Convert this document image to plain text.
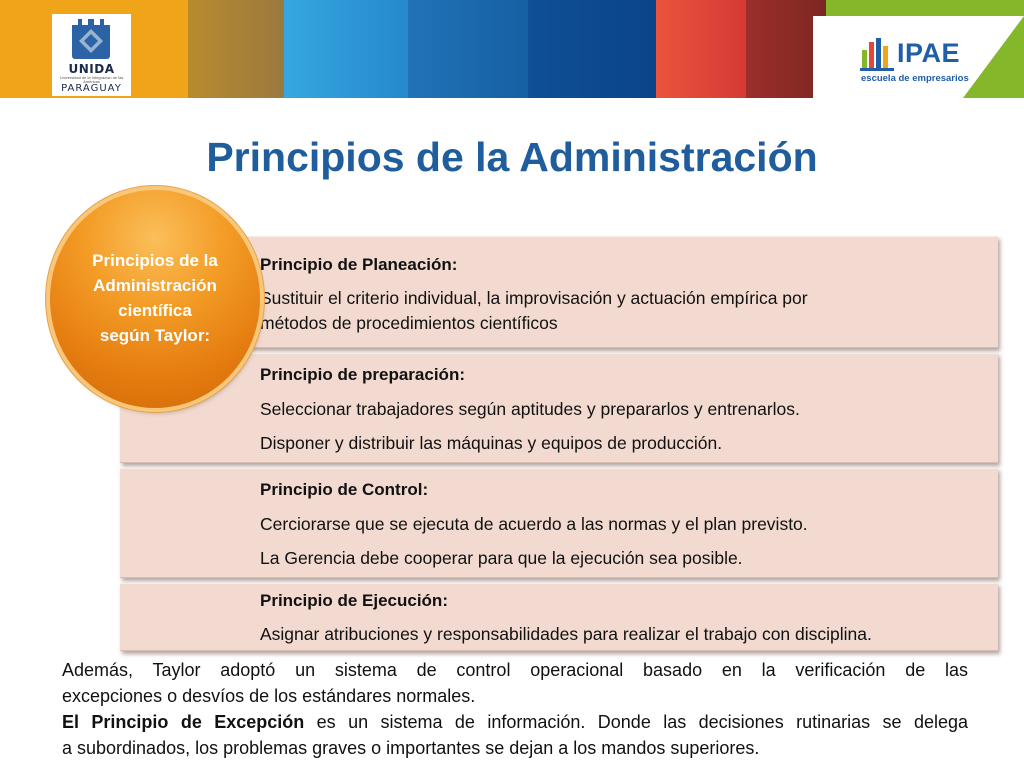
UNIDA
Universidad de la Integración de las Américas
PARAGUAY
IPAE
escuela de empresarios
Principios de la Administración
Principio de Planeación:
Sustituir el criterio individual, la improvisación y actuación empírica por
métodos de procedimientos científicos
Principio de preparación:
Seleccionar trabajadores según aptitudes y prepararlos y entrenarlos.
Disponer y distribuir las máquinas y equipos de producción.
Principio de Control:
Cerciorarse que se ejecuta de acuerdo a las normas y el plan previsto.
La Gerencia debe cooperar para que la ejecución sea posible.
Principio de Ejecución:
Asignar atribuciones y responsabilidades para realizar el trabajo con disciplina.
Principios de la
Administración
científica
según Taylor:
Además, Taylor adoptó un sistema de control operacional basado en la verificación de las
excepciones o desvíos de los estándares normales.
El Principio de Excepción es un sistema de información. Donde las decisiones rutinarias se delega
a subordinados, los problemas graves o importantes se dejan a los mandos superiores.
